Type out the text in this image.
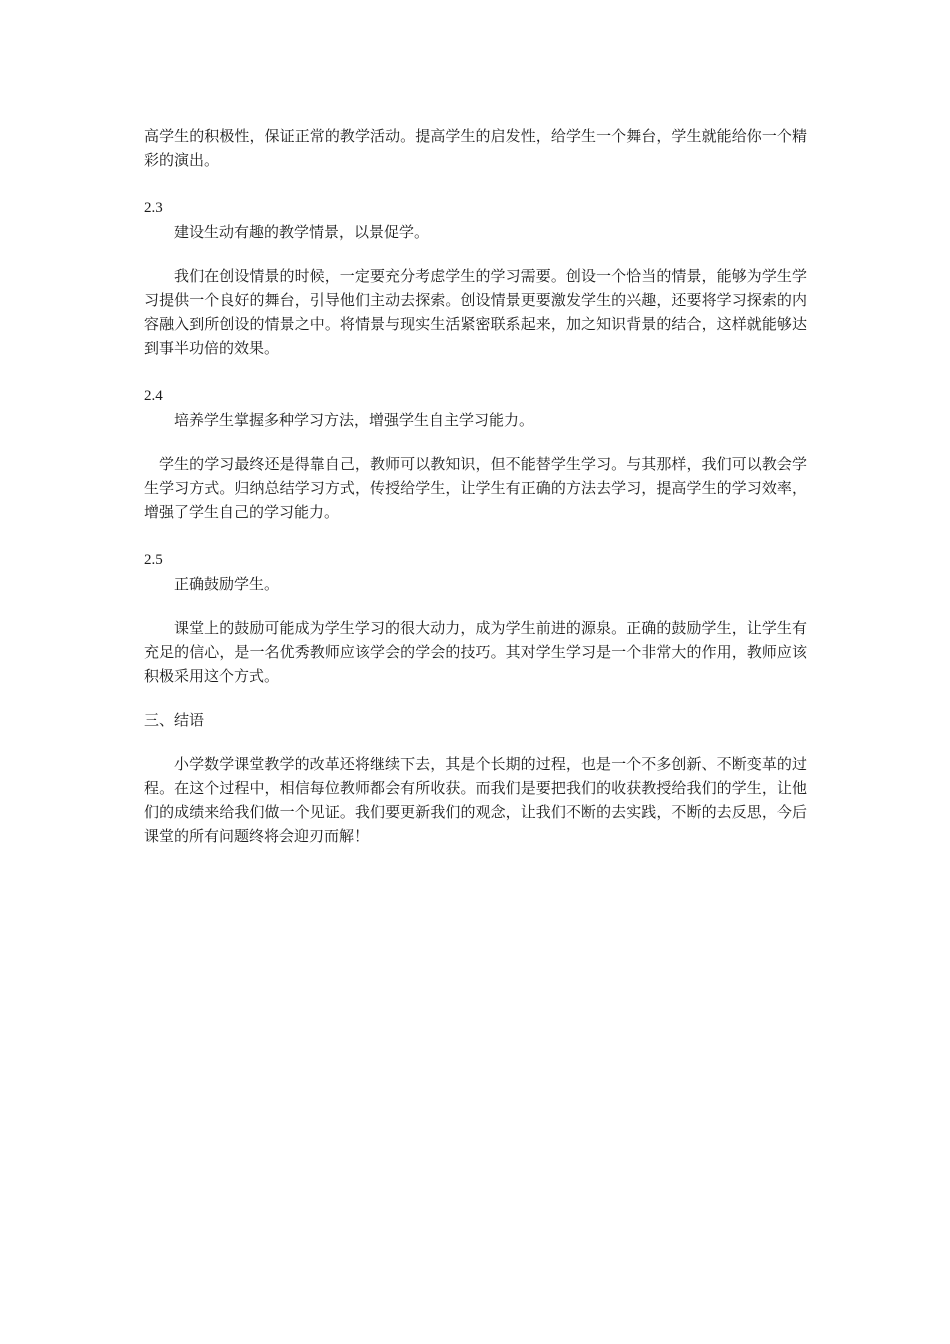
高学生的积极性，保证正常的教学活动。提高学生的启发性，给学生一个舞台，学生就能给你一个精彩的演出。

2.3

建设生动有趣的教学情景，以景促学。

我们在创设情景的时候，一定要充分考虑学生的学习需要。创设一个恰当的情景，能够为学生学习提供一个良好的舞台，引导他们主动去探索。创设情景更要激发学生的兴趣，还要将学习探索的内容融入到所创设的情景之中。将情景与现实生活紧密联系起来，加之知识背景的结合，这样就能够达到事半功倍的效果。

2.4

培养学生掌握多种学习方法，增强学生自主学习能力。

学生的学习最终还是得靠自己，教师可以教知识，但不能替学生学习。与其那样，我们可以教会学生学习方式。归纳总结学习方式，传授给学生，让学生有正确的方法去学习，提高学生的学习效率，增强了学生自己的学习能力。

2.5

正确鼓励学生。

课堂上的鼓励可能成为学生学习的很大动力，成为学生前进的源泉。正确的鼓励学生，让学生有充足的信心，是一名优秀教师应该学会的学会的技巧。其对学生学习是一个非常大的作用，教师应该积极采用这个方式。

三、结语

小学数学课堂教学的改革还将继续下去，其是个长期的过程，也是一个不多创新、不断变革的过程。在这个过程中，相信每位教师都会有所收获。而我们是要把我们的收获教授给我们的学生，让他们的成绩来给我们做一个见证。我们要更新我们的观念，让我们不断的去实践，不断的去反思，今后课堂的所有问题终将会迎刃而解！
